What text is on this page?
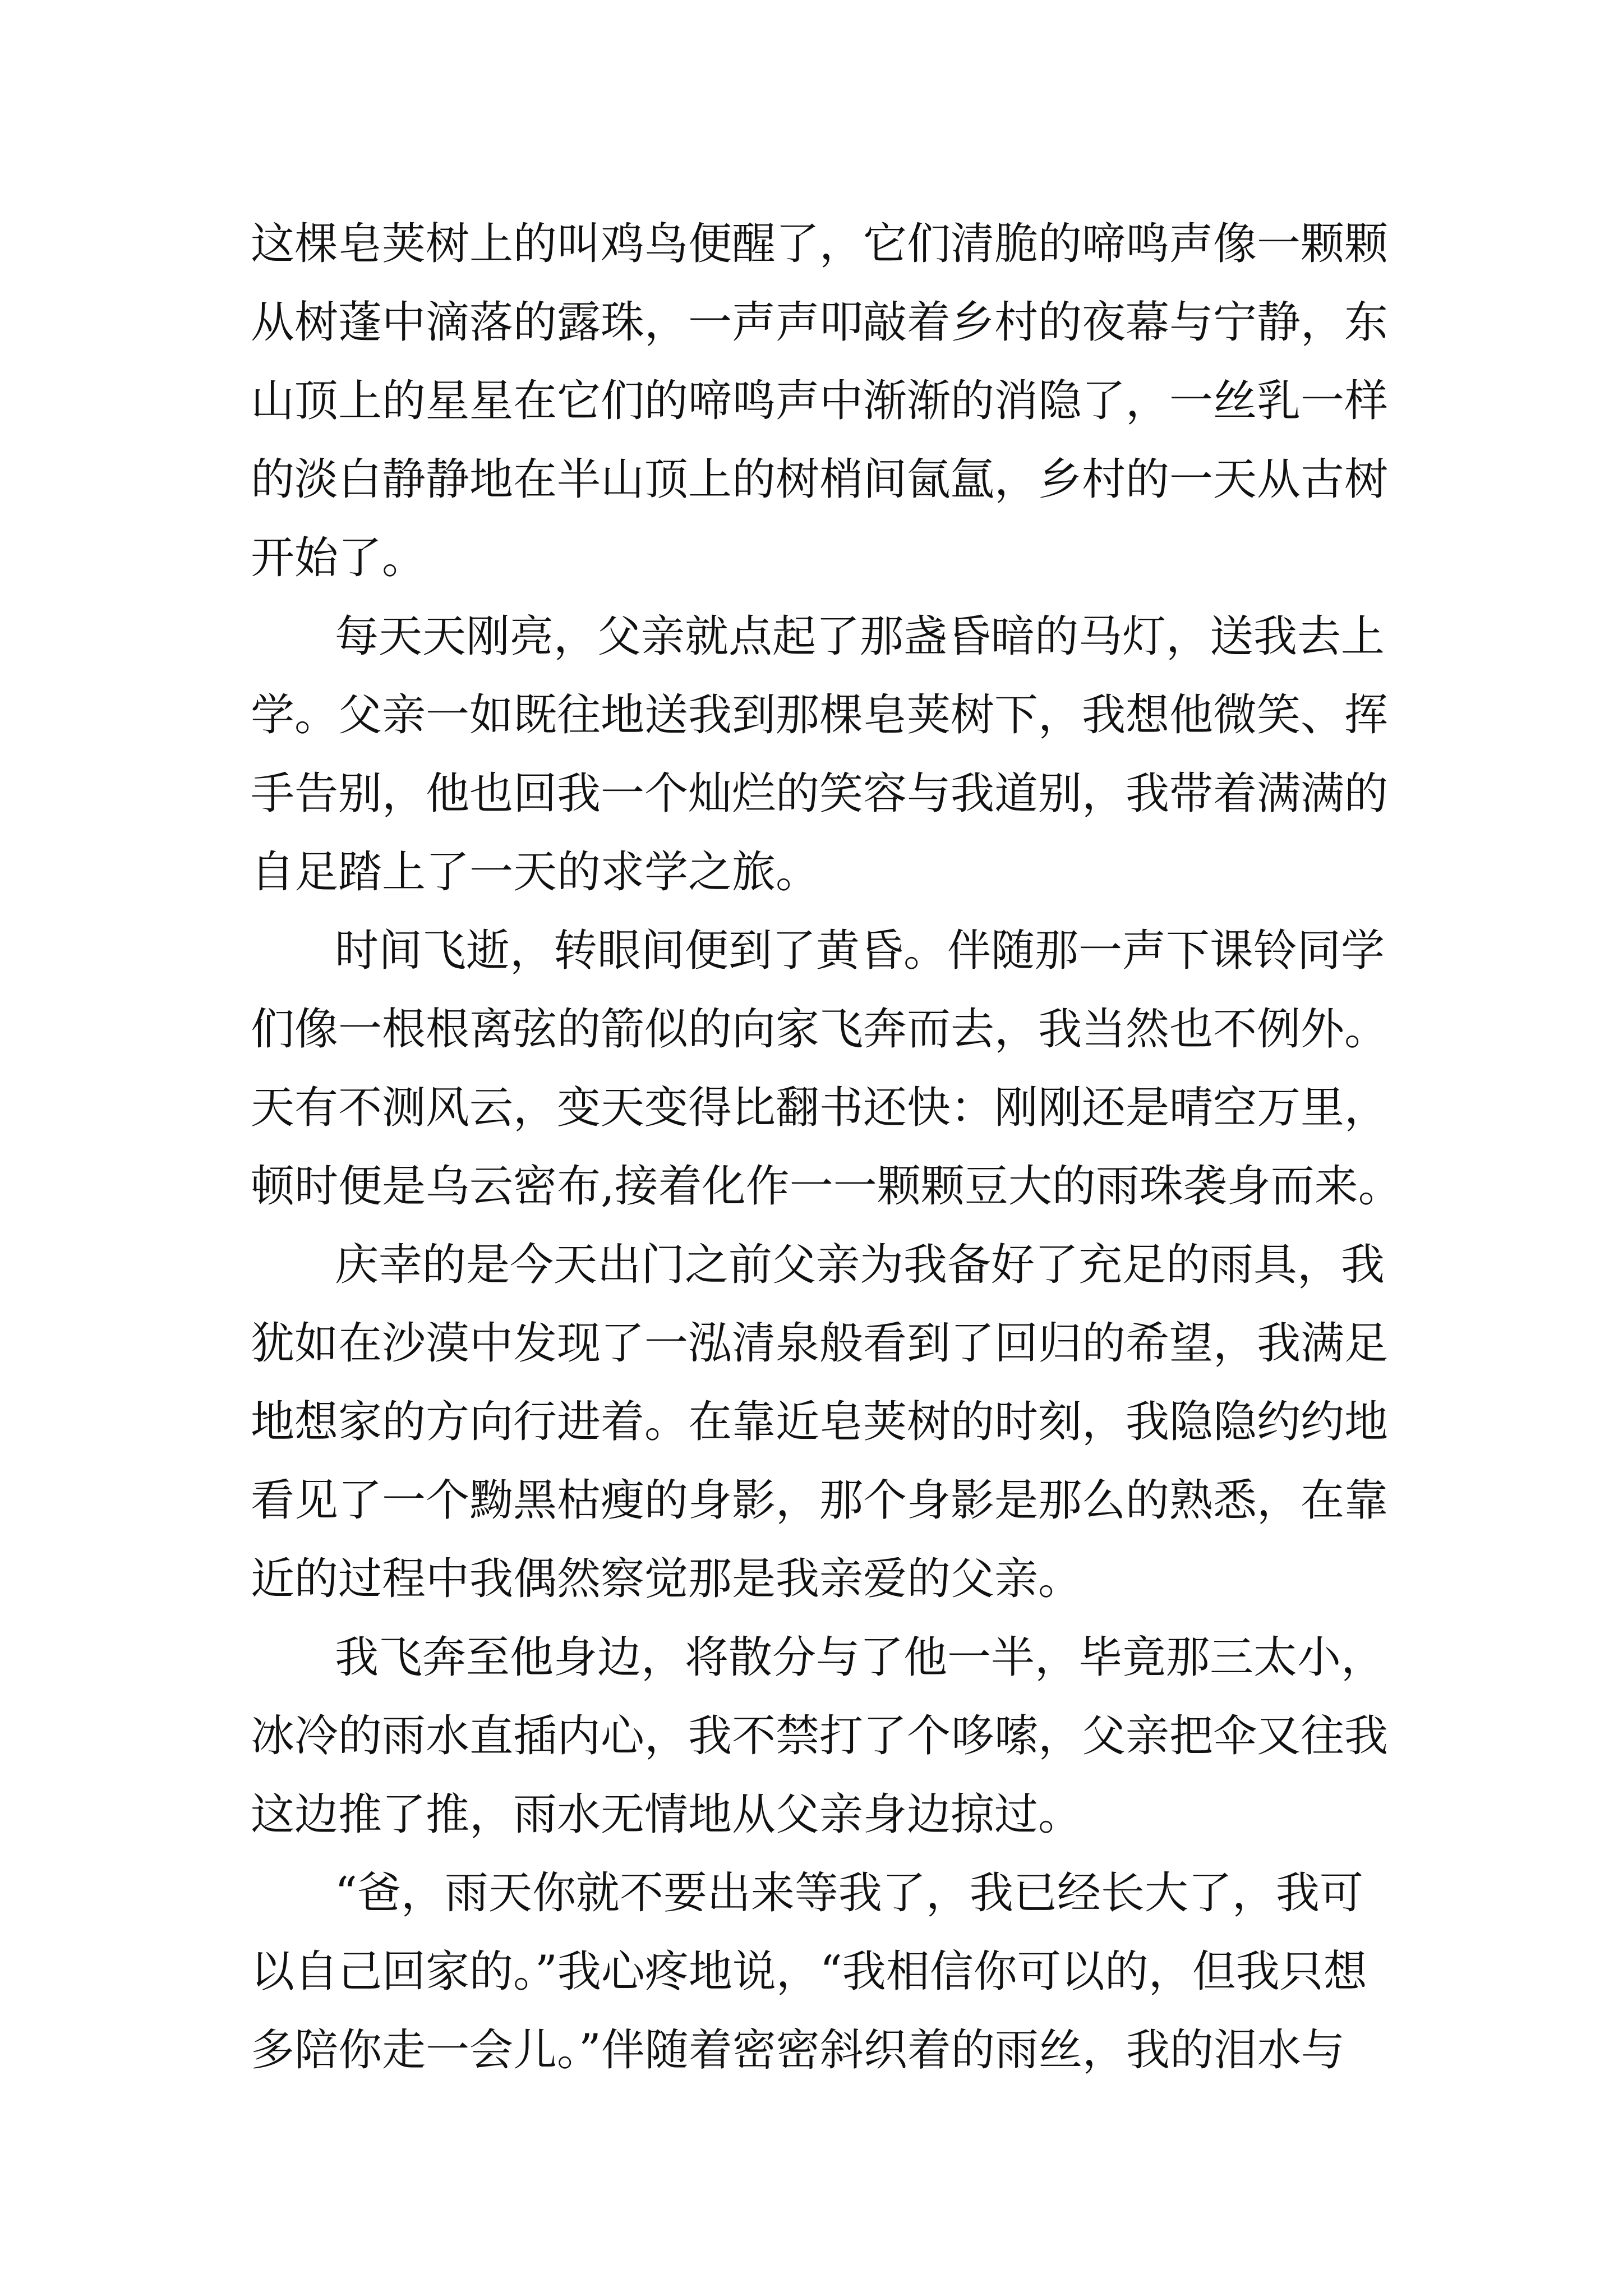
这棵皂荚树上的叫鸡鸟便醒了，它们清脆的啼鸣声像一颗颗
从树蓬中滴落的露珠，一声声叩敲着乡村的夜幕与宁静，东
山顶上的星星在它们的啼鸣声中渐渐的消隐了，一丝乳一样
的淡白静静地在半山顶上的树梢间氤氲，乡村的一天从古树
开始了。
每天天刚亮，父亲就点起了那盏昏暗的马灯，送我去上
学。父亲一如既往地送我到那棵皂荚树下，我想他微笑、挥
手告别，他也回我一个灿烂的笑容与我道别，我带着满满的
自足踏上了一天的求学之旅。
时间飞逝，转眼间便到了黄昏。伴随那一声下课铃同学
们像一根根离弦的箭似的向家飞奔而去，我当然也不例外。
天有不测风云，变天变得比翻书还快：刚刚还是晴空万里，
顿时便是乌云密布,接着化作一一颗颗豆大的雨珠袭身而来。
庆幸的是今天出门之前父亲为我备好了充足的雨具，我
犹如在沙漠中发现了一泓清泉般看到了回归的希望，我满足
地想家的方向行进着。在靠近皂荚树的时刻，我隐隐约约地
看见了一个黝黑枯瘦的身影，那个身影是那么的熟悉，在靠
近的过程中我偶然察觉那是我亲爱的父亲。
我飞奔至他身边，将散分与了他一半，毕竟那三太小，
冰冷的雨水直插内心，我不禁打了个哆嗦，父亲把伞又往我
这边推了推，雨水无情地从父亲身边掠过。
“爸，雨天你就不要出来等我了，我已经长大了，我可
以自己回家的。”我心疼地说，“我相信你可以的，但我只想
多陪你走一会儿。”伴随着密密斜织着的雨丝，我的泪水与
